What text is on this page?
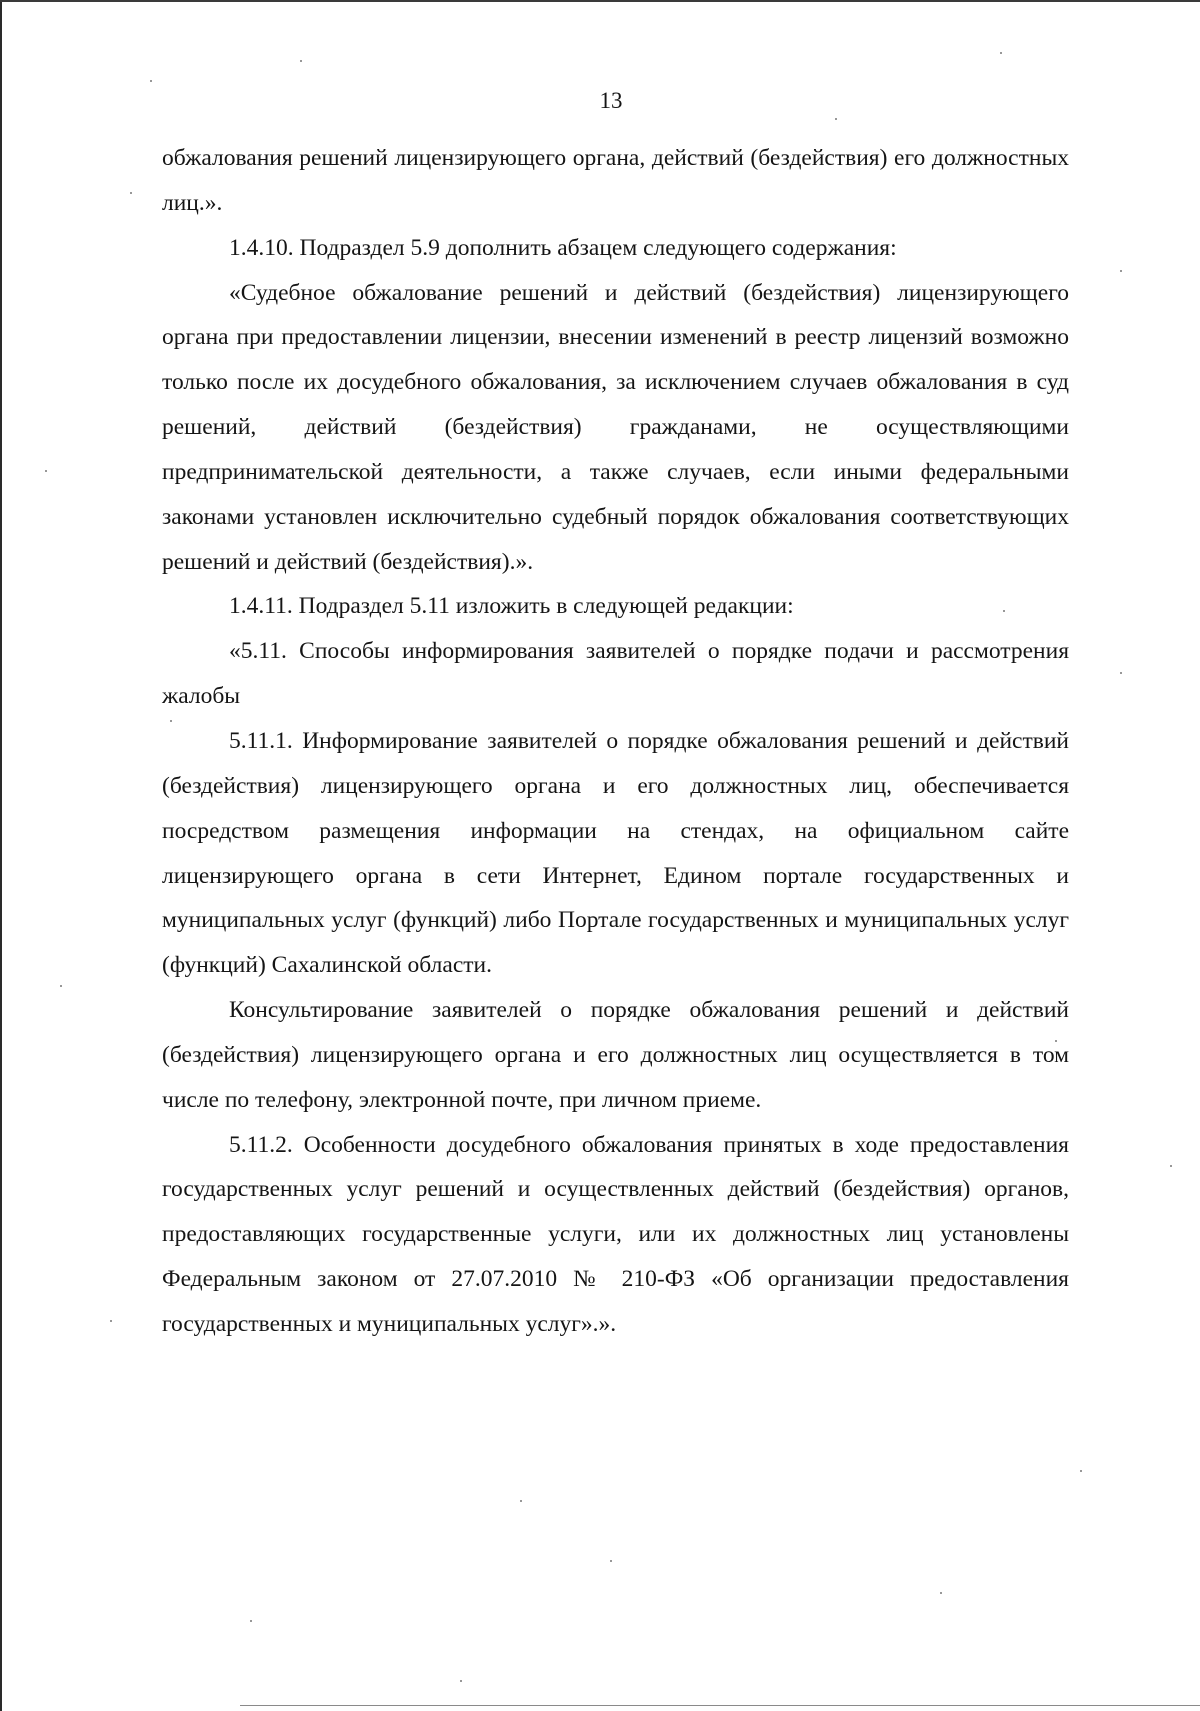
13

обжалования решений лицензирующего органа, действий (бездействия) его должностных лиц.».

1.4.10. Подраздел 5.9 дополнить абзацем следующего содержания:

«Судебное обжалование решений и действий (бездействия) лицензирующего органа при предоставлении лицензии, внесении изменений в реестр лицензий возможно только после их досудебного обжалования, за исключением случаев обжалования в суд решений, действий (бездействия) гражданами, не осуществляющими предпринимательской деятельности, а также случаев, если иными федеральными законами установлен исключительно судебный порядок обжалования соответствующих решений и действий (бездействия).».

1.4.11. Подраздел 5.11 изложить в следующей редакции:

«5.11. Способы информирования заявителей о порядке подачи и рассмотрения жалобы

5.11.1. Информирование заявителей о порядке обжалования решений и действий (бездействия) лицензирующего органа и его должностных лиц, обеспечивается посредством размещения информации на стендах, на официальном сайте лицензирующего органа в сети Интернет, Едином портале государственных и муниципальных услуг (функций) либо Портале государственных и муниципальных услуг (функций) Сахалинской области.

Консультирование заявителей о порядке обжалования решений и действий (бездействия) лицензирующего органа и его должностных лиц осуществляется в том числе по телефону, электронной почте, при личном приеме.

5.11.2. Особенности досудебного обжалования принятых в ходе предоставления государственных услуг решений и осуществленных действий (бездействия) органов, предоставляющих государственные услуги, или их должностных лиц установлены Федеральным законом от 27.07.2010 № 210-ФЗ «Об организации предоставления государственных и муниципальных услуг».».
